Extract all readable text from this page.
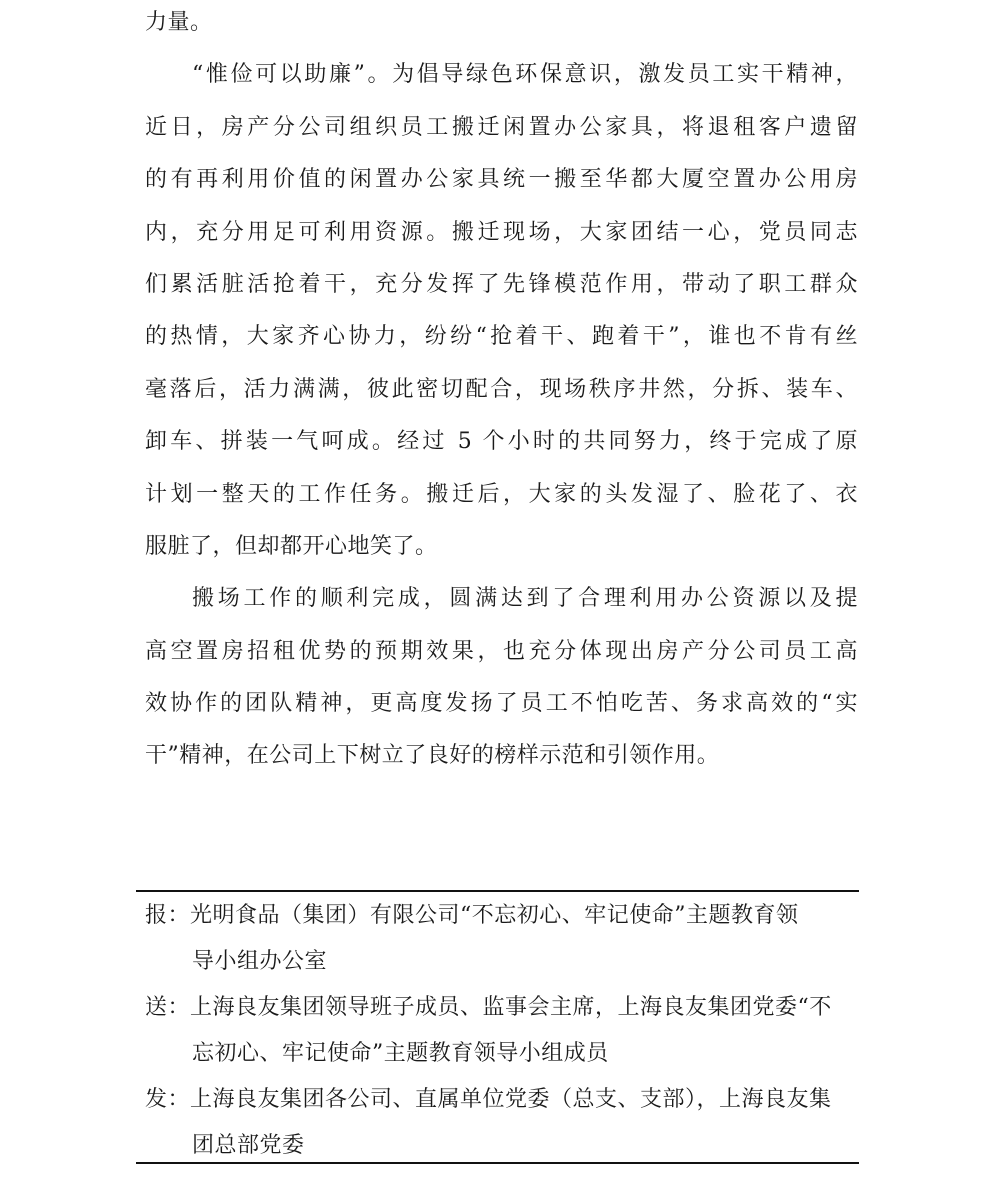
力量。
“惟俭可以助廉”。为倡导绿色环保意识，激发员工实干精神，
近日，房产分公司组织员工搬迁闲置办公家具，将退租客户遗留
的有再利用价值的闲置办公家具统一搬至华都大厦空置办公用房
内，充分用足可利用资源。搬迁现场，大家团结一心，党员同志
们累活脏活抢着干，充分发挥了先锋模范作用，带动了职工群众
的热情，大家齐心协力，纷纷“抢着干、跑着干”，谁也不肯有丝
毫落后，活力满满，彼此密切配合，现场秩序井然，分拆、装车、
卸车、拼装一气呵成。经过 5 个小时的共同努力，终于完成了原
计划一整天的工作任务。搬迁后，大家的头发湿了、脸花了、衣
服脏了，但却都开心地笑了。
搬场工作的顺利完成，圆满达到了合理利用办公资源以及提
高空置房招租优势的预期效果，也充分体现出房产分公司员工高
效协作的团队精神，更高度发扬了员工不怕吃苦、务求高效的“实
干”精神，在公司上下树立了良好的榜样示范和引领作用。
报：光明食品（集团）有限公司“不忘初心、牢记使命”主题教育领
导小组办公室
送：上海良友集团领导班子成员、监事会主席，上海良友集团党委“不
忘初心、牢记使命”主题教育领导小组成员
发：上海良友集团各公司、直属单位党委（总支、支部），上海良友集
团总部党委
